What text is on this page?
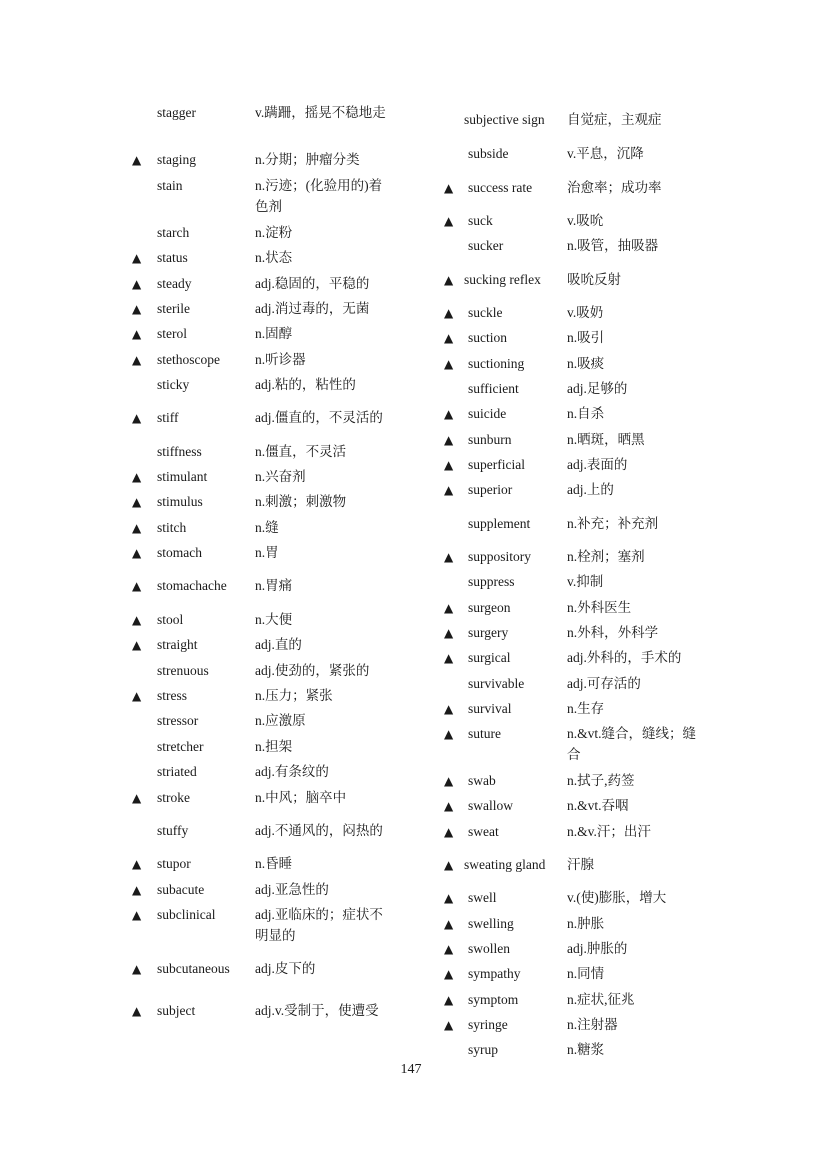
stagger	v.蹒跚，摇晃不稳地走
▲ staging	n.分期；肿瘤分类
stain	n.污迹；(化验用的)着色剂
starch	n.淀粉
▲ status	n.状态
▲ steady	adj.稳固的，平稳的
▲ sterile	adj.消过毒的，无菌
▲ sterol	n.固醇
▲ stethoscope	n.听诊器
sticky	adj.粘的，粘性的
▲ stiff	adj.僵直的，不灵活的
stiffness	n.僵直，不灵活
▲ stimulant	n.兴奋剂
▲ stimulus	n.刺激；刺激物
▲ stitch	n.缝
▲ stomach	n.胃
▲ stomachache n.胃痛
▲ stool	n.大便
▲ straight	adj.直的
strenuous	adj.使劲的，紧张的
▲ stress	n.压力；紧张
stressor	n.应激原
stretcher	n.担架
striated	adj.有条纹的
▲ stroke	n.中风；脑卒中
stuffy	adj.不通风的，闷热的
▲ stupor	n.昏睡
▲ subacute	adj.亚急性的
▲ subclinical	adj.亚临床的；症状不明显的
▲ subcutaneous adj.皮下的
▲ subject	adj.v.受制于，使遭受
subjective sign 自觉症，主观症
subside	v.平息，沉降
▲ success rate	治愈率；成功率
▲ suck	v.吸吮
sucker	n.吸管，抽吸器
▲ sucking reflex 吸吮反射
▲ suckle	v.吸奶
▲ suction	n.吸引
▲ suctioning	n.吸痰
sufficient	adj.足够的
▲ suicide	n.自杀
▲ sunburn	n.晒斑，晒黑
▲ superficial	adj.表面的
▲ superior	adj.上的
supplement	n.补充；补充剂
▲ suppository	n.栓剂；塞剂
suppress	v.抑制
▲ surgeon	n.外科医生
▲ surgery	n.外科，外科学
▲ surgical	adj.外科的，手术的
survivable	adj.可存活的
▲ survival	n.生存
▲ suture	n.&vt.缝合，缝线；缝合
▲ swab	n.拭子,药签
▲ swallow	n.&vt.吞咽
▲ sweat	n.&v.汗；出汗
▲ sweating gland 汗腺
▲ swell	v.(使)膨胀，增大
▲ swelling	n.肿胀
▲ swollen	adj.肿胀的
▲ sympathy	n.同情
▲ symptom	n.症状,征兆
▲ syringe	n.注射器
syrup	n.糖浆
147
